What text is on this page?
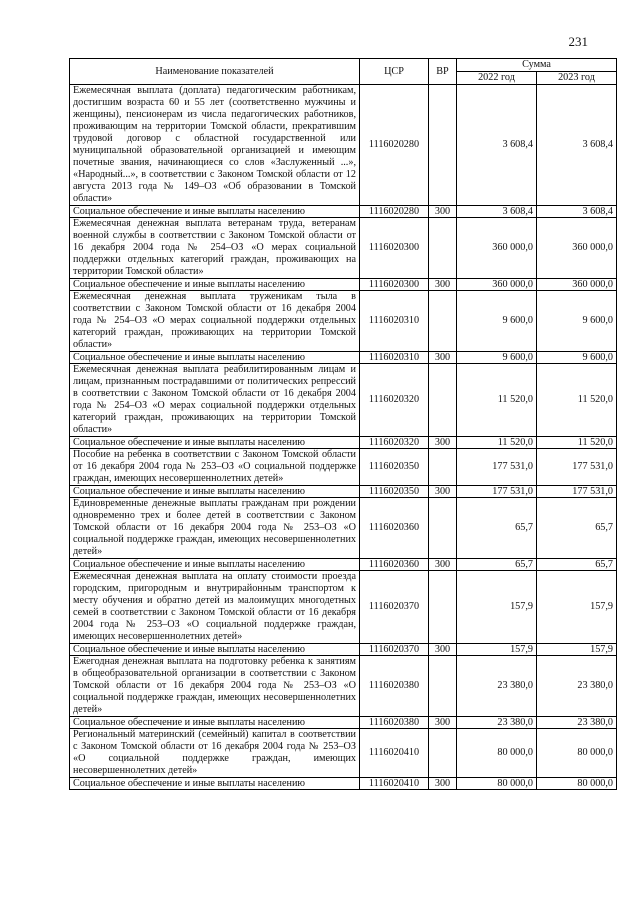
231
Наименование показателей	ЦСР	ВР	Сумма	
			2022 год	2023 год
Ежемесячная выплата (доплата) педагогическим работникам, достигшим возраста 60 и 55 лет (соответственно мужчины и женщины), пенсионерам из числа педагогических работников, проживающим на территории Томской области, прекратившим трудовой договор с областной государственной или муниципальной образовательной организацией и имеющим почетные звания, начинающиеся со слов «Заслуженный ...», «Народный...», в соответствии с Законом Томской области от 12 августа 2013 года № 149–ОЗ «Об образовании в Томской области»	1116020280		3 608,4	3 608,4
Социальное обеспечение и иные выплаты населению	1116020280	300	3 608,4	3 608,4
Ежемесячная денежная выплата ветеранам труда, ветеранам военной службы в соответствии с Законом Томской области от 16 декабря 2004 года № 254–ОЗ «О мерах социальной поддержки отдельных категорий граждан, проживающих на территории Томской области»	1116020300		360 000,0	360 000,0
Социальное обеспечение и иные выплаты населению	1116020300	300	360 000,0	360 000,0
Ежемесячная денежная выплата труженикам тыла в соответствии с Законом Томской области от 16 декабря 2004 года № 254–ОЗ «О мерах социальной поддержки отдельных категорий граждан, проживающих на территории Томской области»	1116020310		9 600,0	9 600,0
Социальное обеспечение и иные выплаты населению	1116020310	300	9 600,0	9 600,0
Ежемесячная денежная выплата реабилитированным лицам и лицам, признанным пострадавшими от политических репрессий в соответствии с Законом Томской области от 16 декабря 2004 года № 254–ОЗ «О мерах социальной поддержки отдельных категорий граждан, проживающих на территории Томской области»	1116020320		11 520,0	11 520,0
Социальное обеспечение и иные выплаты населению	1116020320	300	11 520,0	11 520,0
Пособие на ребенка в соответствии с Законом Томской области от 16 декабря 2004 года № 253–ОЗ «О социальной поддержке граждан, имеющих несовершеннолетних детей»	1116020350		177 531,0	177 531,0
Социальное обеспечение и иные выплаты населению	1116020350	300	177 531,0	177 531,0
Единовременные денежные выплаты гражданам при рождении одновременно трех и более детей в соответствии с Законом Томской области от 16 декабря 2004 года № 253–ОЗ «О социальной поддержке граждан, имеющих несовершеннолетних детей»	1116020360		65,7	65,7
Социальное обеспечение и иные выплаты населению	1116020360	300	65,7	65,7
Ежемесячная денежная выплата на оплату стоимости проезда городским, пригородным и внутрирайонным транспортом к месту обучения и обратно детей из малоимущих многодетных семей в соответствии с Законом Томской области от 16 декабря 2004 года № 253–ОЗ «О социальной поддержке граждан, имеющих несовершеннолетних детей»	1116020370		157,9	157,9
Социальное обеспечение и иные выплаты населению	1116020370	300	157,9	157,9
Ежегодная денежная выплата на подготовку ребенка к занятиям в общеобразовательной организации в соответствии с Законом Томской области от 16 декабря 2004 года № 253–ОЗ «О социальной поддержке граждан, имеющих несовершеннолетних детей»	1116020380		23 380,0	23 380,0
Социальное обеспечение и иные выплаты населению	1116020380	300	23 380,0	23 380,0
Региональный материнский (семейный) капитал в соответствии с Законом Томской области от 16 декабря 2004 года № 253–ОЗ «О социальной поддержке граждан, имеющих несовершеннолетних детей»	1116020410		80 000,0	80 000,0
Социальное обеспечение и иные выплаты населению	1116020410	300	80 000,0	80 000,0
